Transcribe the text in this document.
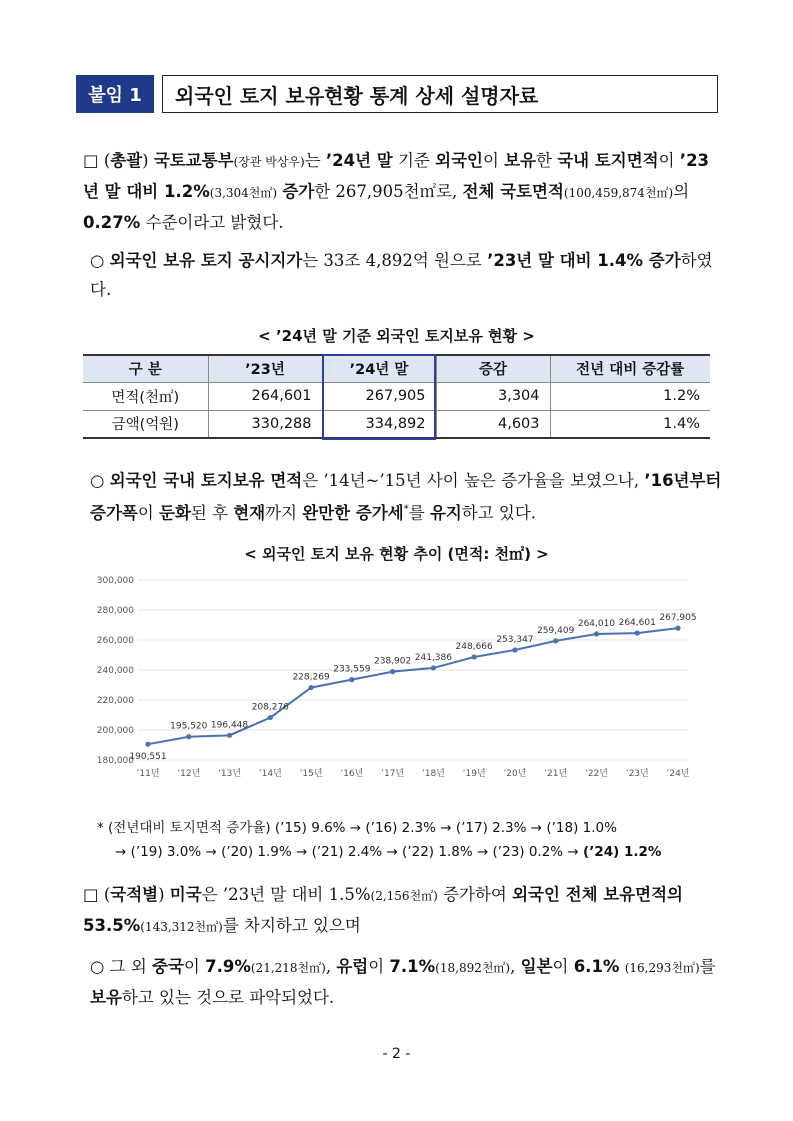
붙임 1	외국인 토지 보유현황 통계 상세 설명자료
□ (총괄) 국토교통부(장관 박상우)는 ’24년 말 기준 외국인이 보유한 국내 토지면적이 ’23년 말 대비 1.2%(3,304천㎡) 증가한 267,905천㎡로, 전체 국토면적(100,459,874천㎡)의 0.27% 수준이라고 밝혔다.
○ 외국인 보유 토지 공시지가는 33조 4,892억 원으로 ’23년 말 대비 1.4% 증가하였다.
< ’24년 말 기준 외국인 토지보유 현황 >
구 분	’23년	’24년 말	증감	전년 대비 증감률
면적(천㎡)	264,601	267,905	3,304	1.2%
금액(억원)	330,288	334,892	4,603	1.4%
○ 외국인 국내 토지보유 면적은 ’14년~’15년 사이 높은 증가율을 보였으나, ’16년부터 증가폭이 둔화된 후 현재까지 완만한 증가세*를 유지하고 있다.
< 외국인 토지 보유 현황 추이 (면적: 천㎡) >
180,000
200,000
220,000
240,000
260,000
280,000
300,000
’11년 ’12년 ’13년 ’14년 ’15년 ’16년 ’17년 ’18년 ’19년 ’20년 ’21년 ’22년 ’23년 ’24년
190,551
195,520 196,448
208,276
228,269
233,559
238,902 241,386
248,666
253,347
259,409
264,010 264,601 267,905
* (전년대비 토지면적 증가율) (’15) 9.6% → (’16) 2.3% → (’17) 2.3% → (’18) 1.0%
→ (’19) 3.0% → (’20) 1.9% → (’21) 2.4% → (’22) 1.8% → (’23) 0.2% → (’24) 1.2%
□ (국적별) 미국은 ’23년 말 대비 1.5%(2,156천㎡) 증가하여 외국인 전체 보유면적의 53.5%(143,312천㎡)를 차지하고 있으며
○ 그 외 중국이 7.9%(21,218천㎡), 유럽이 7.1%(18,892천㎡), 일본이 6.1% (16,293천㎡)를 보유하고 있는 것으로 파악되었다.
- 2 -
